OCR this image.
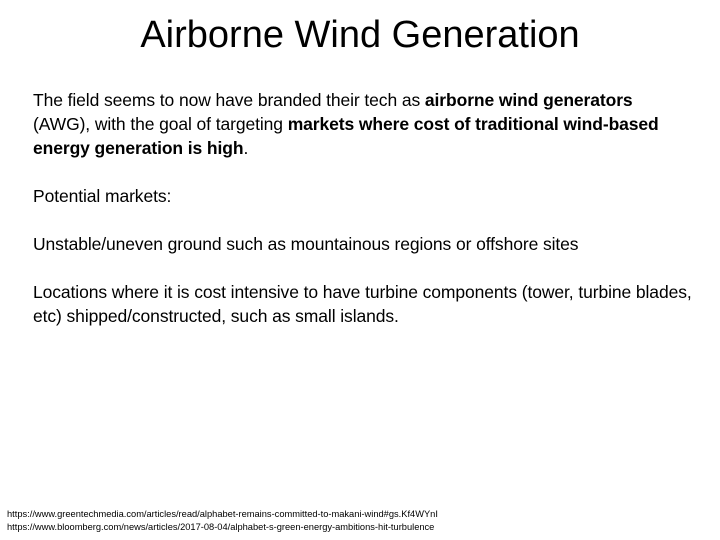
Airborne Wind Generation

The field seems to now have branded their tech as airborne wind generators (AWG), with the goal of targeting markets where cost of traditional wind-based energy generation is high.

Potential markets:

Unstable/uneven ground such as mountainous regions or offshore sites

Locations where it is cost intensive to have turbine components (tower, turbine blades, etc) shipped/constructed, such as small islands.

https://www.greentechmedia.com/articles/read/alphabet-remains-committed-to-makani-wind#gs.Kf4WYnI
https://www.bloomberg.com/news/articles/2017-08-04/alphabet-s-green-energy-ambitions-hit-turbulence
